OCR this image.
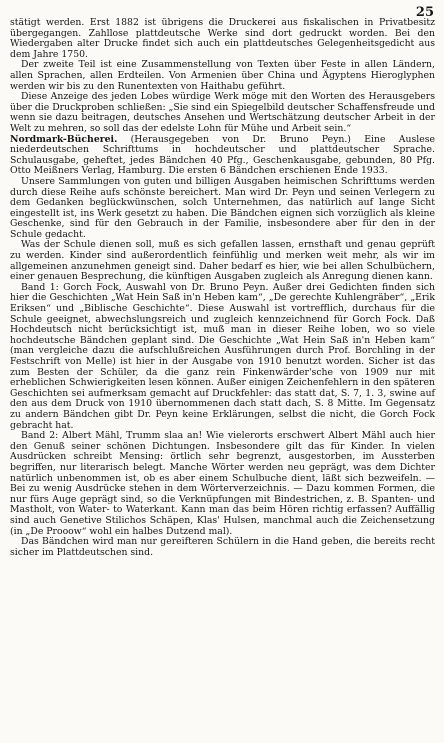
25

stätigt werden. Erst 1882 ist übrigens die Druckerei aus fiskalischen in Privatbesitz übergegangen. Zahllose plattdeutsche Werke sind dort gedruckt worden. Bei den Wiedergaben alter Drucke findet sich auch ein plattdeutsches Gelegenheitsgedicht aus dem Jahre 1750.

Der zweite Teil ist eine Zusammenstellung von Texten über Feste in allen Ländern, allen Sprachen, allen Erdteilen. Von Armenien über China und Ägyptens Hieroglyphen werden wir bis zu den Runentexten von Haithabu geführt.

Diese Anzeige des jeden Lobes würdige Werk möge mit den Worten des Herausgebers über die Druckproben schließen: „Sie sind ein Spiegelbild deutscher Schaffensfreude und wenn sie dazu beitragen, deutsches Ansehen und Wertschätzung deutscher Arbeit in der Welt zu mehren, so soll das der edelste Lohn für Mühe und Arbeit sein.“

Nordmark-Bücherei. (Herausgegeben von Dr. Bruno Peyn.) Eine Auslese niederdeutschen Schrifttums in hochdeutscher und plattdeutscher Sprache. Schulausgabe, geheftet, jedes Bändchen 40 Pfg., Geschenkausgabe, gebunden, 80 Pfg. Otto Meißners Verlag, Hamburg. Die ersten 6 Bändchen erschienen Ende 1933.

Unsere Sammlungen von guten und billigen Ausgaben heimischen Schrifttums werden durch diese Reihe aufs schönste bereichert. Man wird Dr. Peyn und seinen Verlegern zu dem Gedanken beglückwünschen, solch Unternehmen, das natürlich auf lange Sicht eingestellt ist, ins Werk gesetzt zu haben. Die Bändchen eignen sich vorzüglich als kleine Geschenke, sind für den Gebrauch in der Familie, insbesondere aber für den in der Schule gedacht.

Was der Schule dienen soll, muß es sich gefallen lassen, ernsthaft und genau geprüft zu werden. Kinder sind außerordentlich feinfühlig und merken weit mehr, als wir im allgemeinen anzunehmen geneigt sind. Daher bedarf es hier, wie bei allen Schulbüchern, einer genauen Besprechung, die künftigen Ausgaben zugleich als Anregung dienen kann.

Band 1: Gorch Fock, Auswahl von Dr. Bruno Peyn. Außer drei Gedichten finden sich hier die Geschichten „Wat Hein Saß in'n Heben kam“, „De gerechte Kuhlengräber“, „Erik Eriksen“ und „Biblische Geschichte“. Diese Auswahl ist vortrefflich, durchaus für die Schule geeignet, abwechslungsreich und zugleich kennzeichnend für Gorch Fock. Daß Hochdeutsch nicht berücksichtigt ist, muß man in dieser Reihe loben, wo so viele hochdeutsche Bändchen geplant sind. Die Geschichte „Wat Hein Saß in'n Heben kam“ (man vergleiche dazu die aufschlußreichen Ausführungen durch Prof. Borchling in der Festschrift von Melle) ist hier in der Ausgabe von 1910 benutzt worden. Sicher ist das zum Besten der Schüler, da die ganz rein Finkenwärder'sche von 1909 nur mit erheblichen Schwierigkeiten lesen können. Außer einigen Zeichenfehlern in den späteren Geschichten sei aufmerksam gemacht auf Druckfehler: das statt dat, S. 7, 1. 3, swine auf den aus dem Druck von 1910 übernommenen dach statt dach, S. 8 Mitte. Im Gegensatz zu andern Bändchen gibt Dr. Peyn keine Erklärungen, selbst die nicht, die Gorch Fock gebracht hat.

Band 2: Albert Mähl, Trumm slaa an! Wie vielerorts erschwert Albert Mähl auch hier den Genuß seiner schönen Dichtungen. Insbesondere gilt das für Kinder. In vielen Ausdrücken schreibt Mensing: örtlich sehr begrenzt, ausgestorben, im Aussterben begriffen, nur literarisch belegt. Manche Wörter werden neu geprägt, was dem Dichter natürlich unbenommen ist, ob es aber einem Schulbuche dient, läßt sich bezweifeln. — Bei zu wenig Ausdrücke stehen in dem Wörterverzeichnis. — Dazu kommen Formen, die nur fürs Auge geprägt sind, so die Verknüpfungen mit Bindestrichen, z. B. Spanten- und Mastholt, von Water- to Waterkant. Kann man das beim Hören richtig erfassen? Auffällig sind auch Genetive Stilichos Schäpen, Klas' Hulsen, manchmal auch die Zeichensetzung (in „De Prooow“ wohl ein halbes Dutzend mal).

Das Bändchen wird man nur gereifteren Schülern in die Hand geben, die bereits recht sicher im Plattdeutschen sind.
